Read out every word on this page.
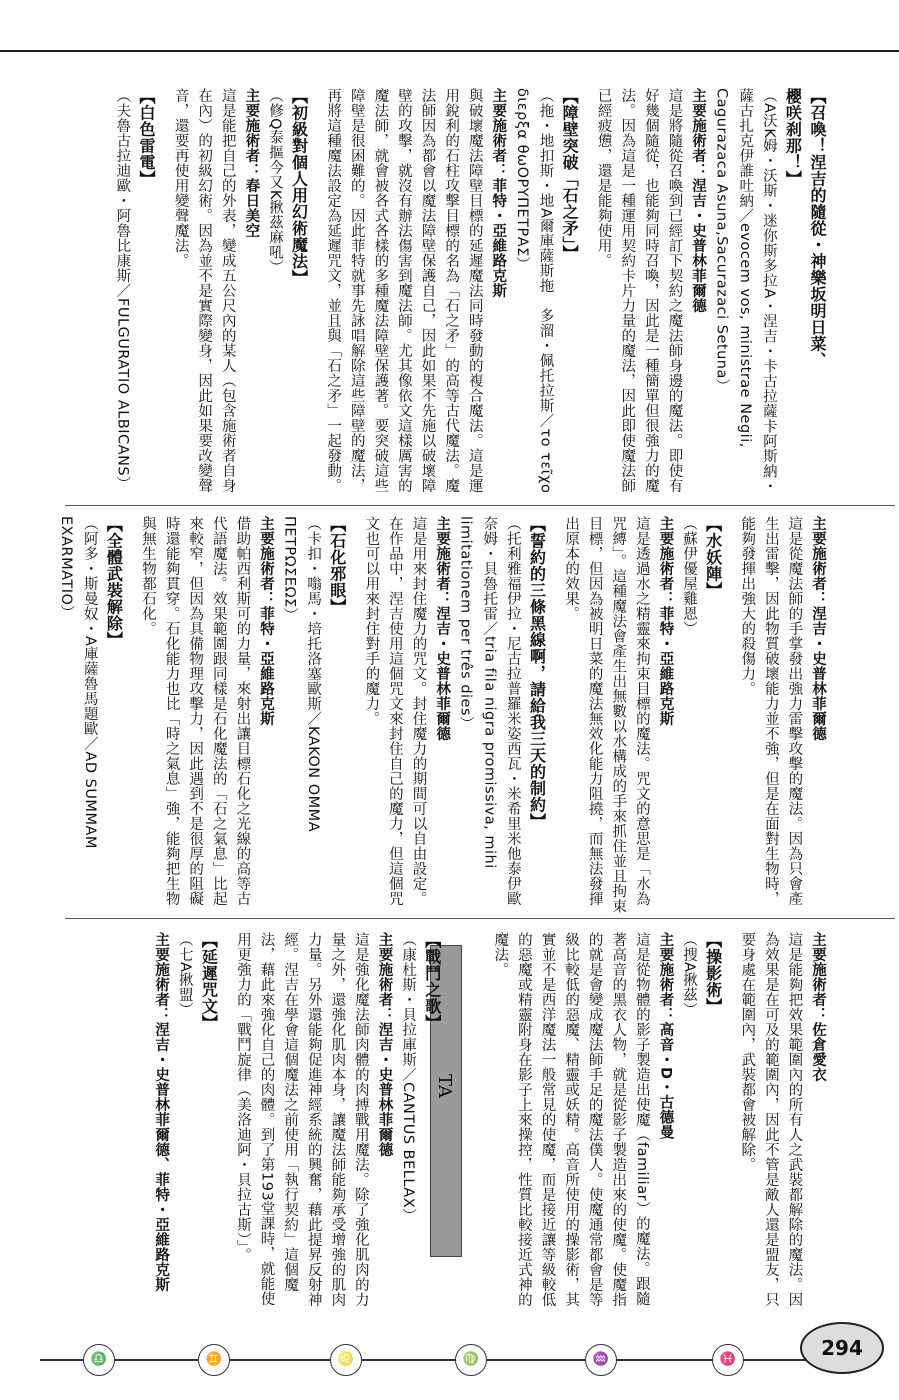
【召喚！涅吉的隨從・神樂坂明日菜、
櫻咲刹那！】
（A沃K姆・沃斯・迷你斯多拉A・涅吉・卡古拉薩卡阿斯納・薩古扎克伊誰吐納／evocem vos, ministrae Negii, Cagurazaca Asuna,Sacurazaci Setuna）
主要施術者：涅吉・史普林菲爾德
這是將隨從召喚到已經訂下契約之魔法師身邊的魔法。即使有好幾個隨從，也能夠同時召喚，因此是一種簡單但很強力的魔法。因為這是一種運用契約卡片力量的魔法，因此即使魔法師已經疲憊，還是能夠使用。
【障壁突破「石之矛」】
（拖・地扣斯・地A爾庫薩斯拖　多溜・佩托拉斯／το τεῖχο διερξα θωΟΡΥΠΕΤΡΑΣ）
主要施術者：菲特・亞維路克斯
與破壞魔法障壁目標的延遲魔法同時發動的複合魔法。這是運用銳利的石柱攻擊目標的名為「石之矛」的高等古代魔法。魔法師因為都會以魔法障壁保護自己，因此如果不先施以破壞障壁的攻擊，就沒有辦法傷害到魔法師。尤其像依文這樣厲害的魔法師，就會被各式各樣的多種魔法障壁保護著。要突破這些障壁是很困難的。因此菲特就事先詠唱解除這些障壁的魔法，再將這種魔法設定為延遲咒文，並且與「石之矛」一起發動。
【初級對個人用幻術魔法】
（修Q泰摳今又K揪茲麻吼）
主要施術者：春日美空
這是能把自己的外表，變成五公尺內的某人（包含施術者自身在內）的初級幻術。因為並不是實際變身，因此如果要改變聲音，還要再使用變聲魔法。
【白色雷電】
（夫魯古拉迪歐・阿魯比康斯／FULGURATIO ALBICANS）
主要施術者：涅吉・史普林菲爾德
這是從魔法師的手掌發出強力雷擊攻擊的魔法。因為只會產生出雷擊，因此物質破壞能力並不強，但是在面對生物時，能夠發揮出強大的殺傷力。
【水妖陣】
（蘇伊優屋雞恩）
主要施術者：菲特・亞維路克斯
這是透過水之精靈來拘束目標的魔法。咒文的意思是「水為咒縛」。這種魔法會產生出無數以水構成的手來抓住並且拘束目標，但因為被明日菜的魔法無效化能力阻撓，而無法發揮出原本的效果。
【誓約的三條黑線啊，請給我三天的制約】
（托利雅福伊拉・尼古拉普羅米姿西瓦・米希里米他泰伊歐奈姆・貝魯托雷／tria fila nigra promissiva, mihi limitationem per três dies）
主要施術者：涅吉・史普林菲爾德
這是用來封住魔力的咒文。封住魔力的期間可以自由設定。在作品中，涅吉使用這個咒文來封住自己的魔力，但這個咒文也可以用來封住對手的魔力。
【石化邪眼】
（卡扣・嗡馬・培托洛塞歐斯／KAKON OMMA ΠΕΤΡΩΣΕΩΣ）
主要施術者：菲特・亞維路克斯
借助帕西利斯可的力量，來射出讓目標石化之光線的高等古代語魔法。效果範圍跟同樣是石化魔法的「石之氣息」比起來較窄，但因為具備物理攻擊力，因此遇到不是很厚的阻礙時還能夠貫穿。石化能力也比「時之氣息」強，能夠把生物與無生物都石化。
【全體武裝解除】
（阿多・斯曼奴・A庫薩魯馬題歐／AD SUMMAM EXARMATIO）
TA
主要施術者：佐倉愛衣
這是能夠把效果範圍內的所有人之武裝都解除的魔法。因為效果是在可及的範圍內，因此不管是敵人還是盟友，只要身處在範圍內，武裝都會被解除。
【操影術】
（搜A揪茲）
主要施術者：高音・D・古德曼
這是從物體的影子製造出使魔（familiar）的魔法。跟隨著高音的黑衣人物，就是從影子製造出來的使魔。使魔指的就是會變成魔法師手足的魔法僕人。使魔通常都會是等級比較低的惡魔、精靈或妖精。高音所使用的操影術，其實並不是西洋魔法一般常見的使魔，而是接近讓等級較低的惡魔或精靈附身在影子上來操控，性質比較接近式神的魔法。
【戰鬥之歌】
（康杜斯・貝拉庫斯／CANTUS BELLAX）
主要施術者：涅吉・史普林菲爾德
這是強化魔法師肉體的肉搏戰用魔法。除了強化肌肉的力量之外，還強化肌肉本身，讓魔法師能夠承受增強的肌肉力量。另外還能夠促進神經系統的興奮，藉此提昇反射神經。涅吉在學會這個魔法之前使用「執行契約」這個魔法，藉此來強化自己的肉體。到了第193堂課時，就能使用更強力的「戰鬥旋律（美洛迪阿・貝拉古斯）」。
【延遲咒文】
（七A揪盟）
主要施術者：涅吉・史普林菲爾德、菲特・亞維路克斯
♎	♊	♌	♍	♒	♓	294
